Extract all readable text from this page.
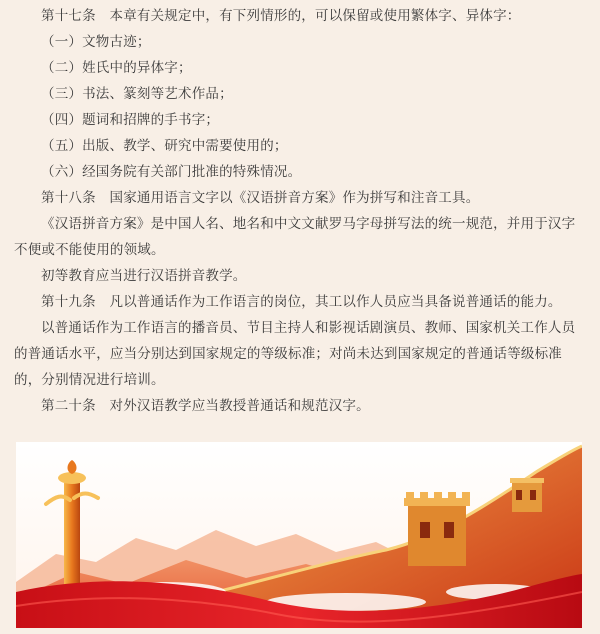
第十七条　本章有关规定中，有下列情形的，可以保留或使用繁体字、异体字：

（一）文物古迹；

（二）姓氏中的异体字；

（三）书法、篆刻等艺术作品；

（四）题词和招牌的手书字；

（五）出版、教学、研究中需要使用的；

（六）经国务院有关部门批准的特殊情况。

第十八条　国家通用语言文字以《汉语拼音方案》作为拼写和注音工具。

《汉语拼音方案》是中国人名、地名和中文文献罗马字母拼写法的统一规范，并用于汉字不便或不能使用的领域。

初等教育应当进行汉语拼音教学。

第十九条　凡以普通话作为工作语言的岗位，其工以作人员应当具备说普通话的能力。

以普通话作为工作语言的播音员、节目主持人和影视话剧演员、教师、国家机关工作人员的普通话水平，应当分别达到国家规定的等级标准；对尚未达到国家规定的普通话等级标准的，分别情况进行培训。

第二十条　对外汉语教学应当教授普通话和规范汉字。
